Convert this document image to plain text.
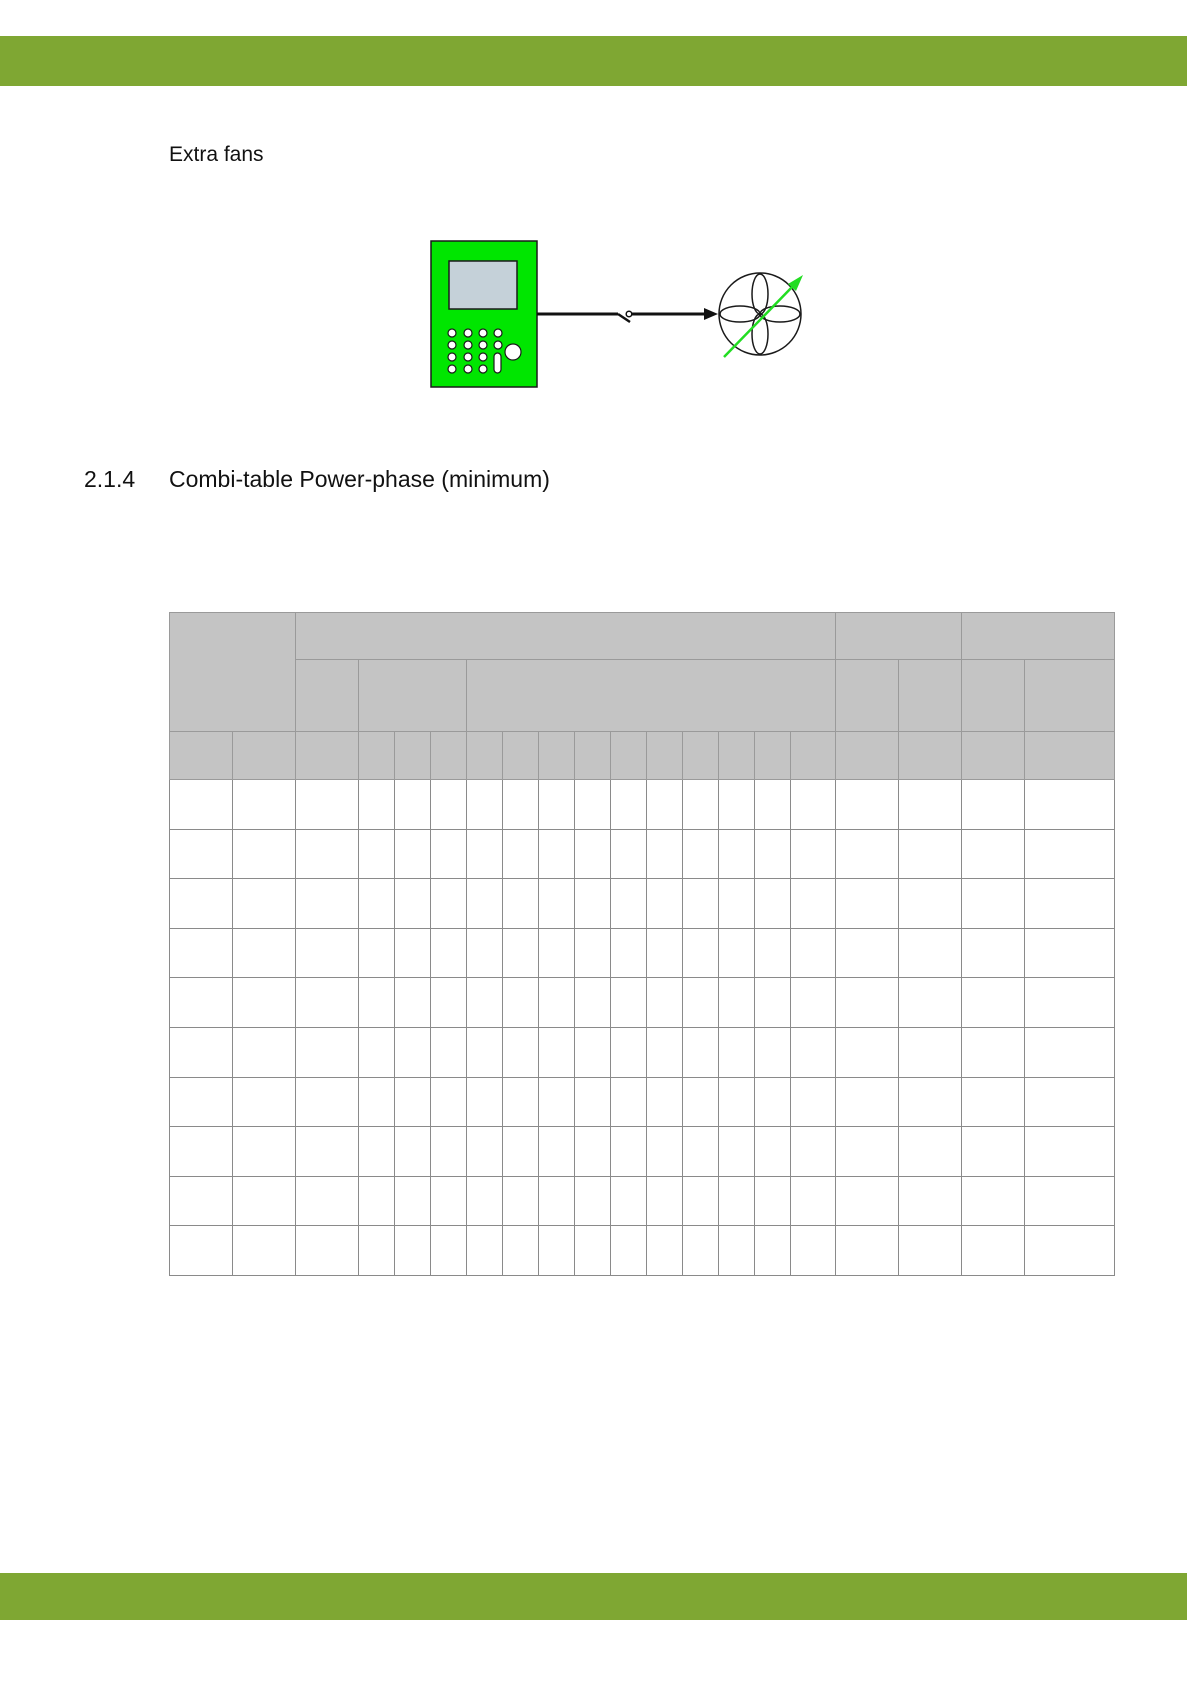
Extra fans
2.1.4 Combi-table Power-phase (minimum)
